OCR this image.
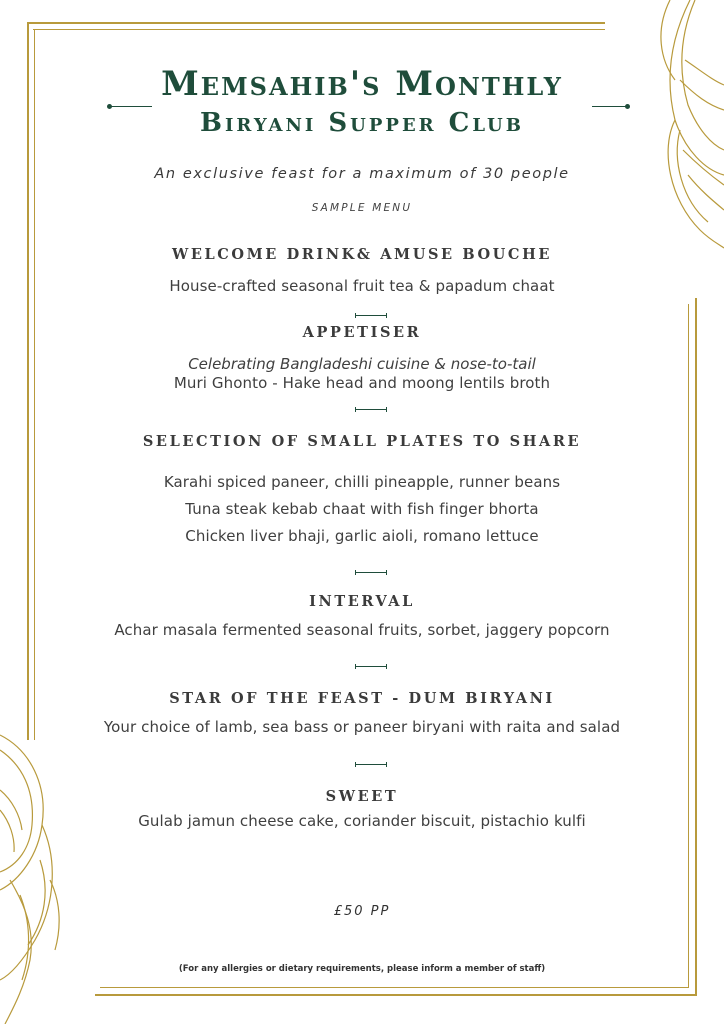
Memsahib's Monthly
Biryani Supper Club

An exclusive feast for a maximum of 30 people

SAMPLE MENU

WELCOME DRINK& AMUSE BOUCHE

House-crafted seasonal fruit tea & papadum chaat

APPETISER

Celebrating Bangladeshi cuisine & nose-to-tail

Muri Ghonto - Hake head and moong lentils broth

SELECTION OF SMALL PLATES TO SHARE

Karahi spiced paneer, chilli pineapple, runner beans

Tuna steak kebab chaat with fish finger bhorta

Chicken liver bhaji, garlic aioli, romano lettuce

INTERVAL

Achar masala fermented seasonal fruits, sorbet, jaggery popcorn

STAR OF THE FEAST - DUM BIRYANI

Your choice of lamb, sea bass or paneer biryani with raita and salad

SWEET

Gulab jamun cheese cake, coriander biscuit, pistachio kulfi

£50 PP

(For any allergies or dietary requirements, please inform a member of staff)
